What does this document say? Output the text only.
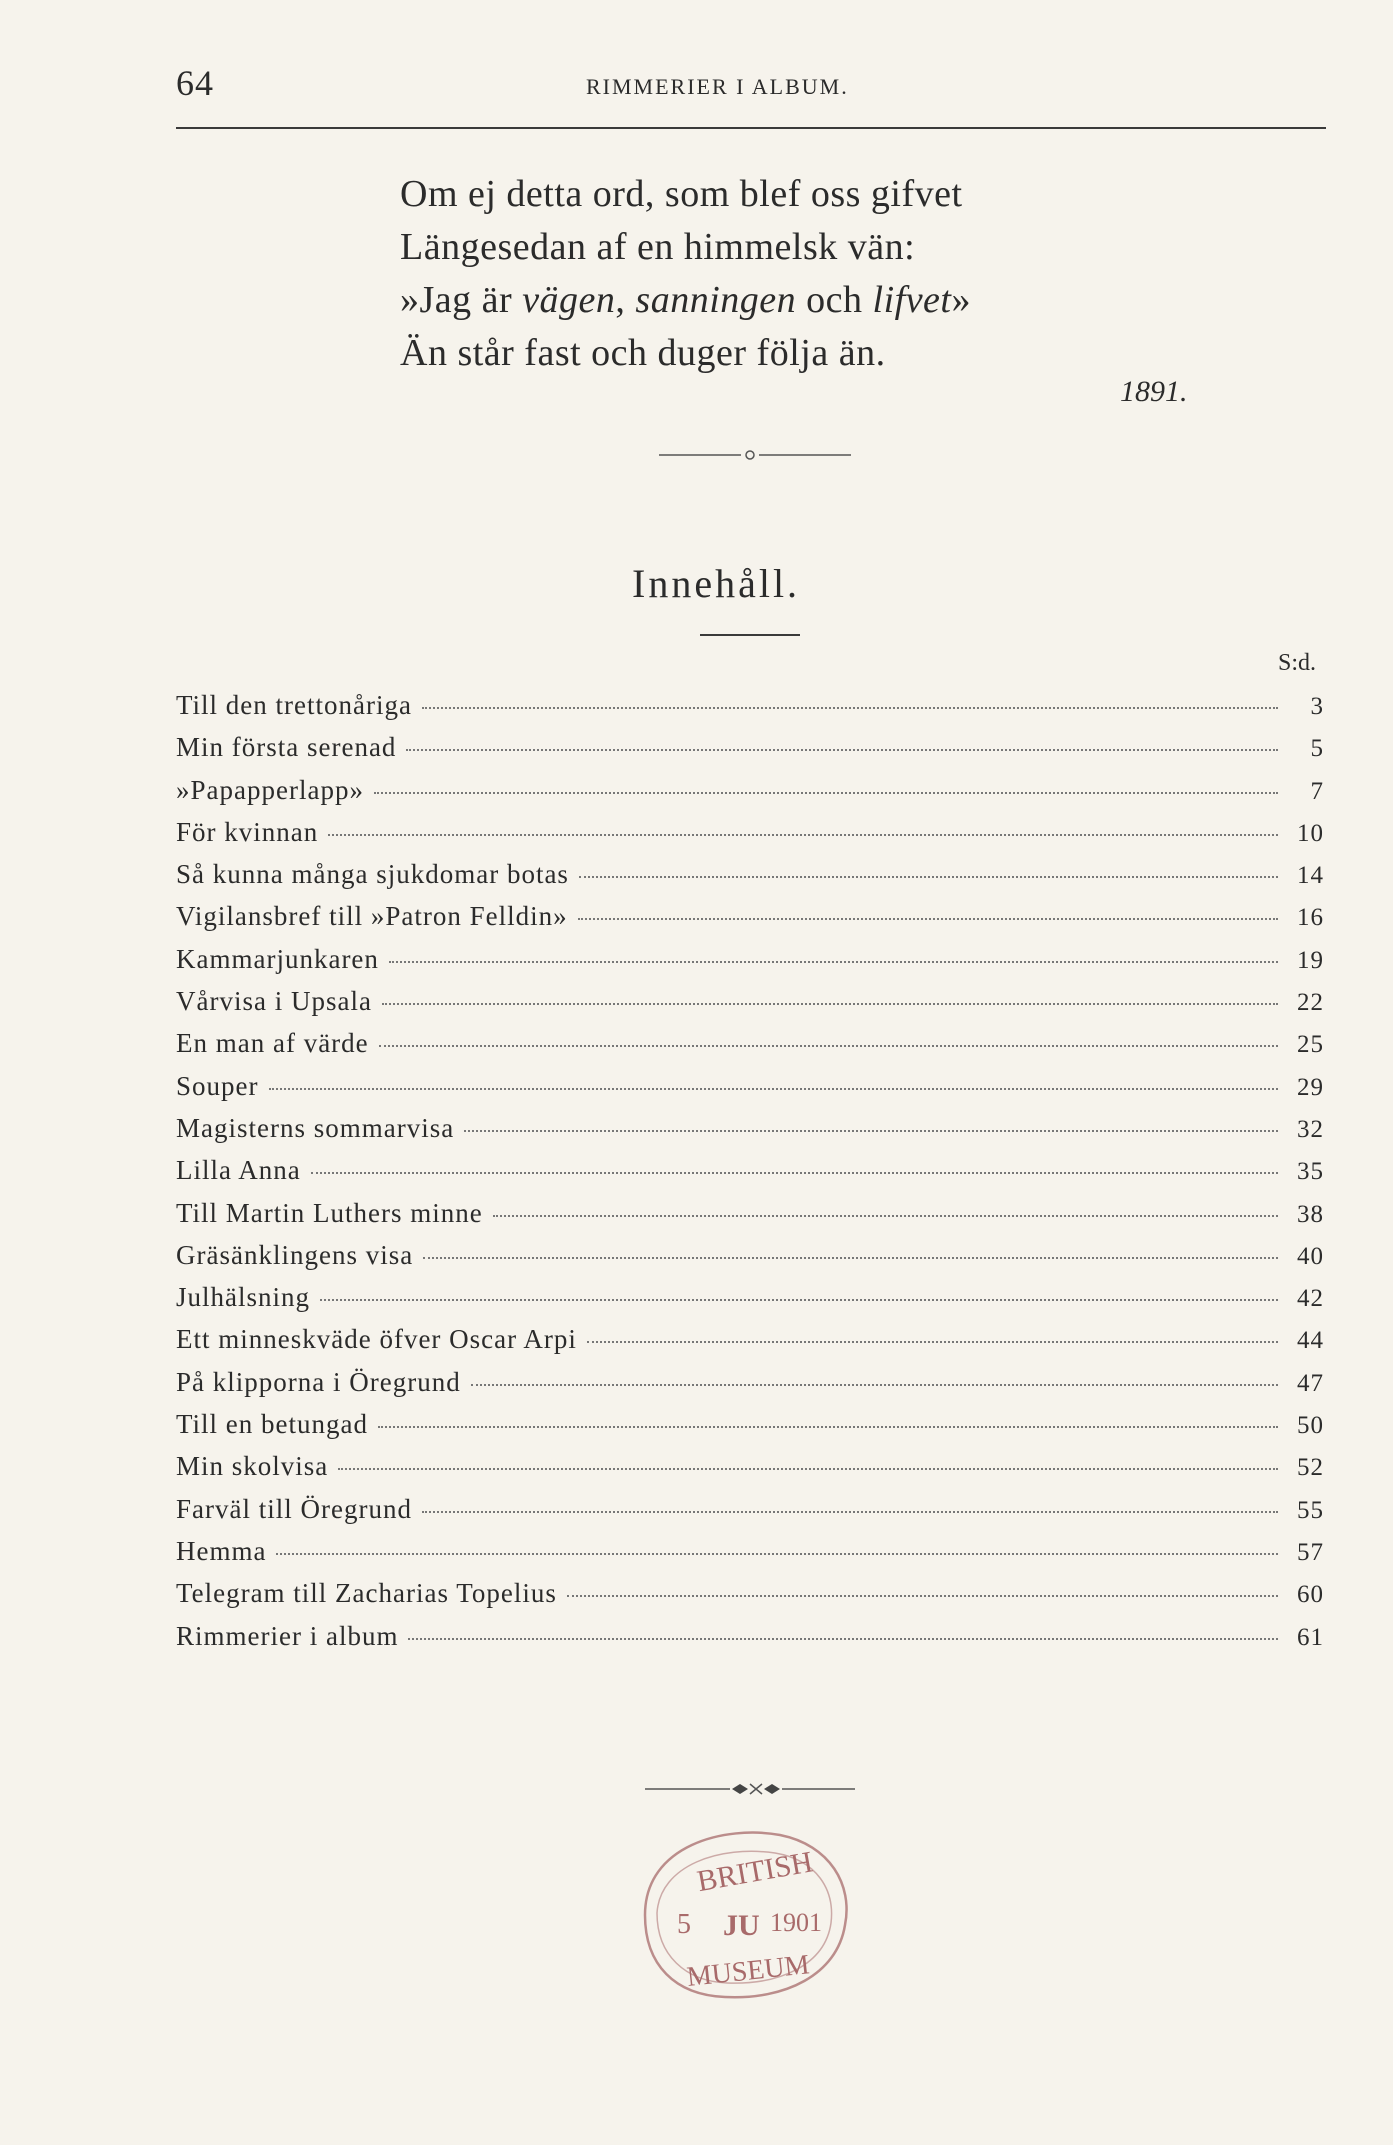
64	RIMMERIER I ALBUM.
Om ej detta ord, som blef oss gifvet
Längesedan af en himmelsk vän:
»Jag är vägen, sanningen och lifvet»
Än står fast och duger följa än.
1891.
Innehåll.
S:d.
Till den trettonåriga	3
Min första serenad	5
»Papapperlapp»	7
För kvinnan	10
Så kunna många sjukdomar botas	14
Vigilansbref till »Patron Felldin»	16
Kammarjunkaren	19
Vårvisa i Upsala	22
En man af värde	25
Souper	29
Magisterns sommarvisa	32
Lilla Anna	35
Till Martin Luthers minne	38
Gräsänklingens visa	40
Julhälsning	42
Ett minneskväde öfver Oscar Arpi	44
På klipporna i Öregrund	47
Till en betungad	50
Min skolvisa	52
Farväl till Öregrund	55
Hemma	57
Telegram till Zacharias Topelius	60
Rimmerier i album	61
BRITISH
5 JU 1901
MUSEUM
